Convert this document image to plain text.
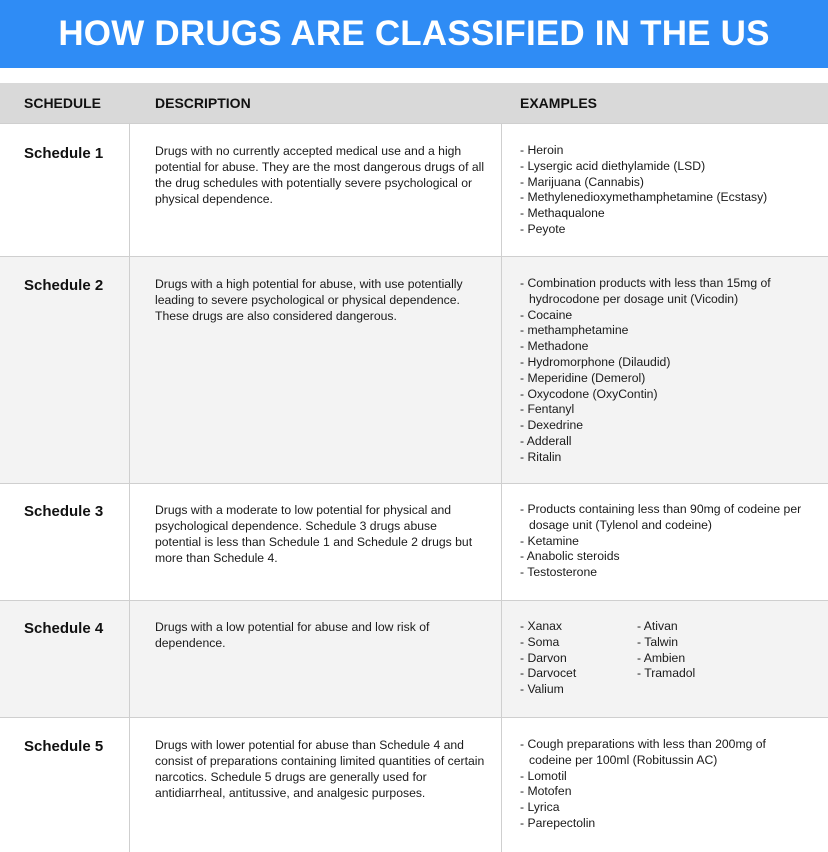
HOW DRUGS ARE CLASSIFIED IN THE US
SCHEDULE	DESCRIPTION	EXAMPLES
Schedule 1	Drugs with no currently accepted medical use and a high potential for abuse. They are the most dangerous drugs of all the drug schedules with potentially severe psychological or physical dependence.
- Heroin
- Lysergic acid diethylamide (LSD)
- Marijuana (Cannabis)
- Methylenedioxymethamphetamine (Ecstasy)
- Methaqualone
- Peyote
Schedule 2	Drugs with a high potential for abuse, with use potentially leading to severe psychological or physical dependence. These drugs are also considered dangerous.
- Combination products with less than 15mg of hydrocodone per dosage unit (Vicodin)
- Cocaine
- methamphetamine
- Methadone
- Hydromorphone (Dilaudid)
- Meperidine (Demerol)
- Oxycodone (OxyContin)
- Fentanyl
- Dexedrine
- Adderall
- Ritalin
Schedule 3	Drugs with a moderate to low potential for physical and psychological dependence. Schedule 3 drugs abuse potential is less than Schedule 1 and Schedule 2 drugs but more than Schedule 4.
- Products containing less than 90mg of codeine per dosage unit (Tylenol and codeine)
- Ketamine
- Anabolic steroids
- Testosterone
Schedule 4	Drugs with a low potential for abuse and low risk of dependence.
- Xanax
- Soma
- Darvon
- Darvocet
- Valium
- Ativan
- Talwin
- Ambien
- Tramadol
Schedule 5	Drugs with lower potential for abuse than Schedule 4 and consist of preparations containing limited quantities of certain narcotics. Schedule 5 drugs are generally used for antidiarrheal, antitussive, and analgesic purposes.
- Cough preparations with less than 200mg of codeine per 100ml (Robitussin AC)
- Lomotil
- Motofen
- Lyrica
- Parepectolin
